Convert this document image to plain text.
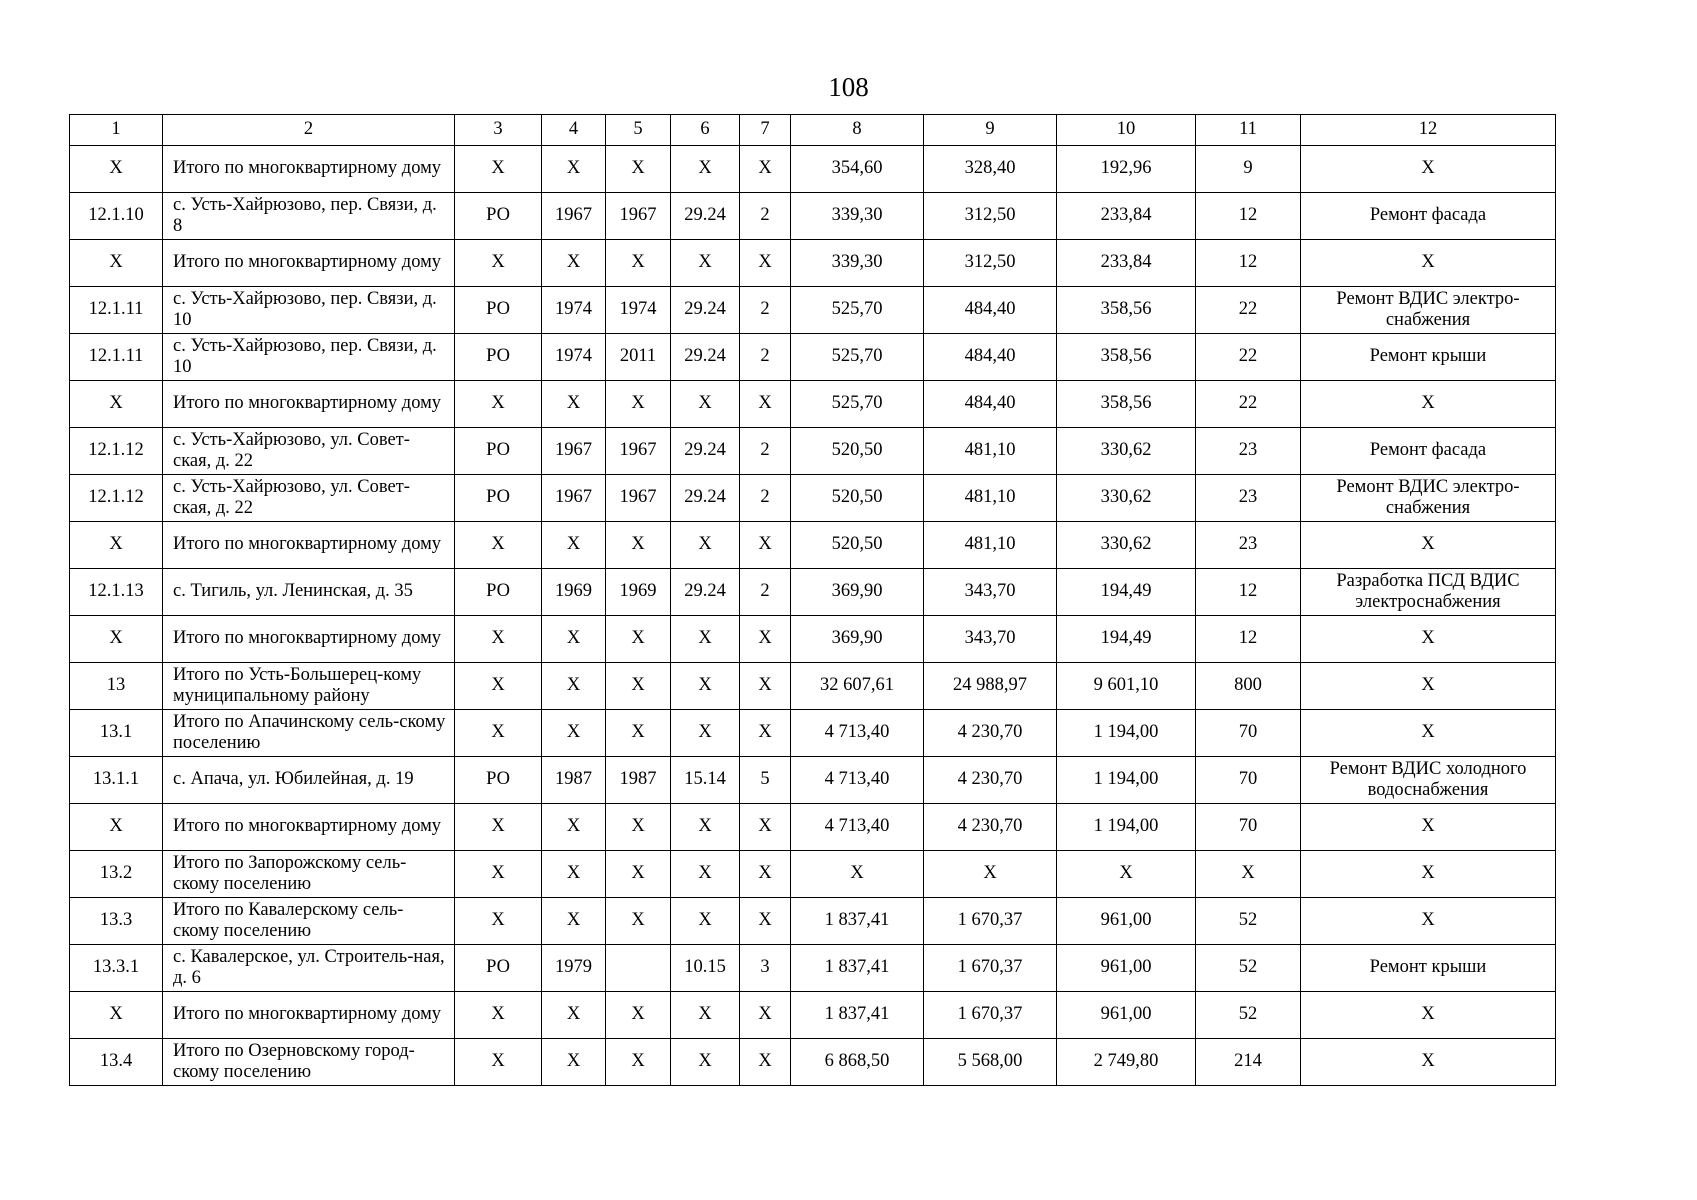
108
1	2	3	4	5	6	7	8	9	10	11	12
X	Итого по многоквартирному дому	X	X	X	X	X	354,60	328,40	192,96	9	X
12.1.10	с. Усть-Хайрюзово, пер. Связи, д. 8	РО	1967	1967	29.24	2	339,30	312,50	233,84	12	Ремонт фасада
X	Итого по многоквартирному дому	X	X	X	X	X	339,30	312,50	233,84	12	X
12.1.11	с. Усть-Хайрюзово, пер. Связи, д. 10	РО	1974	1974	29.24	2	525,70	484,40	358,56	22	Ремонт ВДИС электро-снабжения
12.1.11	с. Усть-Хайрюзово, пер. Связи, д. 10	РО	1974	2011	29.24	2	525,70	484,40	358,56	22	Ремонт крыши
X	Итого по многоквартирному дому	X	X	X	X	X	525,70	484,40	358,56	22	X
12.1.12	с. Усть-Хайрюзово, ул. Совет-ская, д. 22	РО	1967	1967	29.24	2	520,50	481,10	330,62	23	Ремонт фасада
12.1.12	с. Усть-Хайрюзово, ул. Совет-ская, д. 22	РО	1967	1967	29.24	2	520,50	481,10	330,62	23	Ремонт ВДИС электро-снабжения
X	Итого по многоквартирному дому	X	X	X	X	X	520,50	481,10	330,62	23	X
12.1.13	с. Тигиль, ул. Ленинская, д. 35	РО	1969	1969	29.24	2	369,90	343,70	194,49	12	Разработка ПСД ВДИС электроснабжения
X	Итого по многоквартирному дому	X	X	X	X	X	369,90	343,70	194,49	12	X
13	Итого по Усть-Большерец-кому муниципальному району	X	X	X	X	X	32 607,61	24 988,97	9 601,10	800	X
13.1	Итого по Апачинскому сель-скому поселению	X	X	X	X	X	4 713,40	4 230,70	1 194,00	70	X
13.1.1	с. Апача, ул. Юбилейная, д. 19	РО	1987	1987	15.14	5	4 713,40	4 230,70	1 194,00	70	Ремонт ВДИС холодного водоснабжения
X	Итого по многоквартирному дому	X	X	X	X	X	4 713,40	4 230,70	1 194,00	70	X
13.2	Итого по Запорожскому сель-скому поселению	X	X	X	X	X	X	X	X	X	X
13.3	Итого по Кавалерскому сель-скому поселению	X	X	X	X	X	1 837,41	1 670,37	961,00	52	X
13.3.1	с. Кавалерское, ул. Строитель-ная, д. 6	РО	1979		10.15	3	1 837,41	1 670,37	961,00	52	Ремонт крыши
X	Итого по многоквартирному дому	X	X	X	X	X	1 837,41	1 670,37	961,00	52	X
13.4	Итого по Озерновскому город-скому поселению	X	X	X	X	X	6 868,50	5 568,00	2 749,80	214	X
